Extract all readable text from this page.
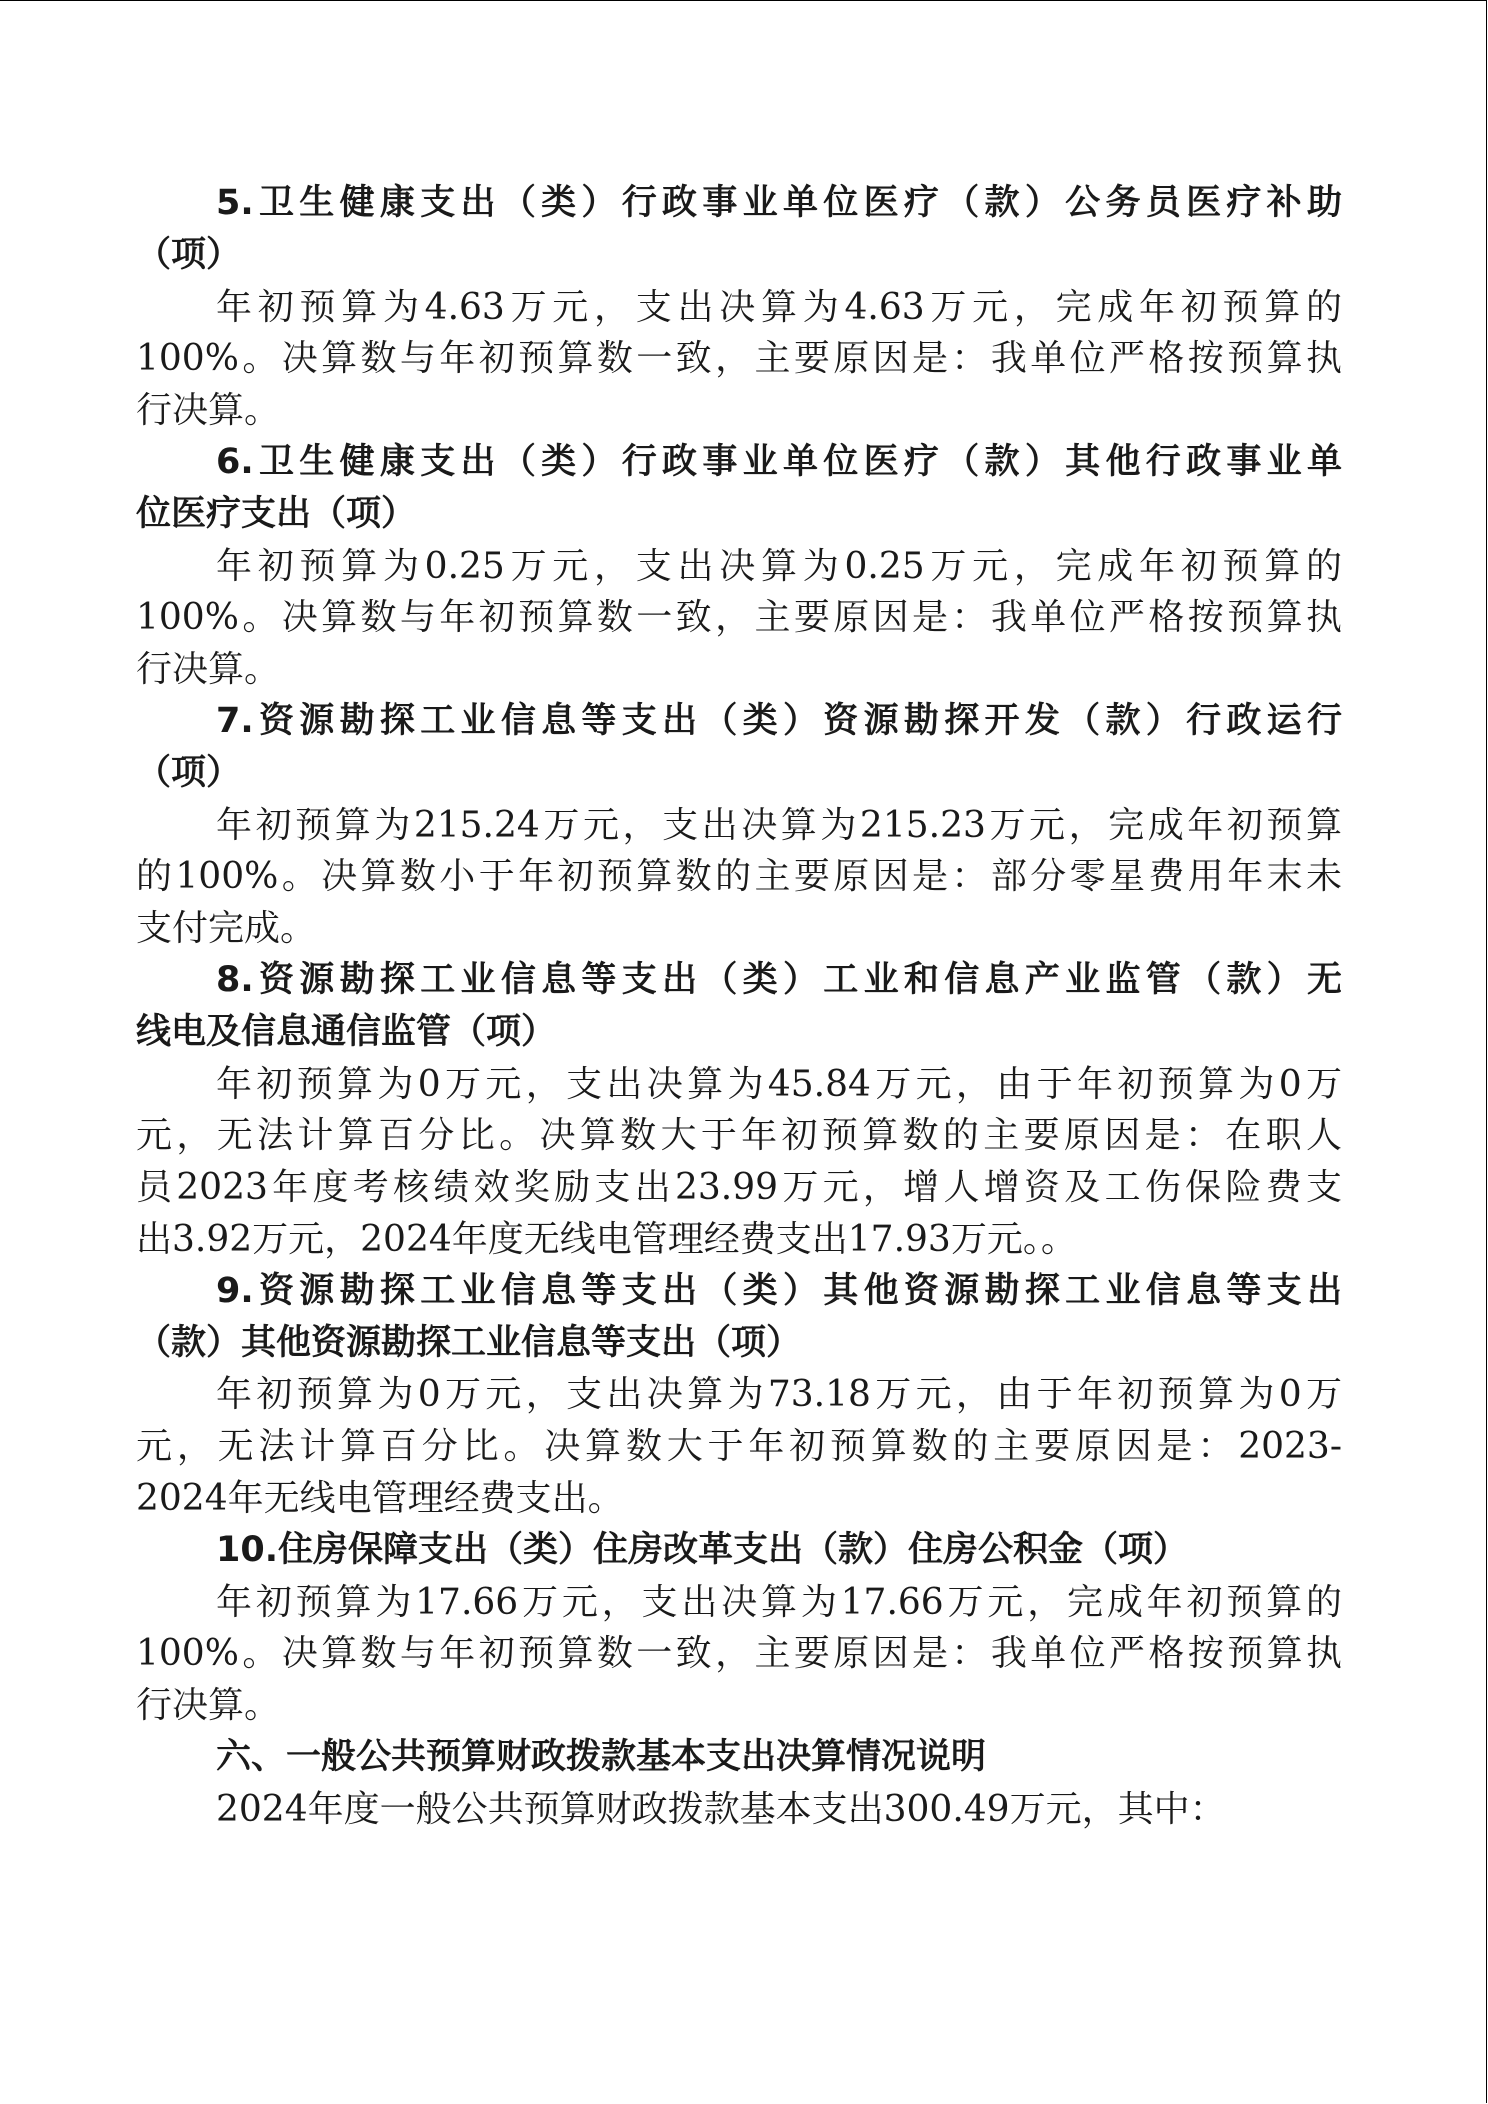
5.卫生健康支出（类）行政事业单位医疗（款）公务员医疗补助
（项）
年初预算为4.63万元，支出决算为4.63万元，完成年初预算的
100%。决算数与年初预算数一致，主要原因是：我单位严格按预算执
行决算。
6.卫生健康支出（类）行政事业单位医疗（款）其他行政事业单
位医疗支出（项）
年初预算为0.25万元，支出决算为0.25万元，完成年初预算的
100%。决算数与年初预算数一致，主要原因是：我单位严格按预算执
行决算。
7.资源勘探工业信息等支出（类）资源勘探开发（款）行政运行
（项）
年初预算为215.24万元，支出决算为215.23万元，完成年初预算
的100%。决算数小于年初预算数的主要原因是：部分零星费用年末未
支付完成。
8.资源勘探工业信息等支出（类）工业和信息产业监管（款）无
线电及信息通信监管（项）
年初预算为0万元，支出决算为45.84万元，由于年初预算为0万
元，无法计算百分比。决算数大于年初预算数的主要原因是：在职人
员2023年度考核绩效奖励支出23.99万元，增人增资及工伤保险费支
出3.92万元，2024年度无线电管理经费支出17.93万元。。
9.资源勘探工业信息等支出（类）其他资源勘探工业信息等支出
（款）其他资源勘探工业信息等支出（项）
年初预算为0万元，支出决算为73.18万元，由于年初预算为0万
元，无法计算百分比。决算数大于年初预算数的主要原因是：2023-
2024年无线电管理经费支出。
10.住房保障支出（类）住房改革支出（款）住房公积金（项）
年初预算为17.66万元，支出决算为17.66万元，完成年初预算的
100%。决算数与年初预算数一致，主要原因是：我单位严格按预算执
行决算。
六、一般公共预算财政拨款基本支出决算情况说明
2024年度一般公共预算财政拨款基本支出300.49万元，其中：
